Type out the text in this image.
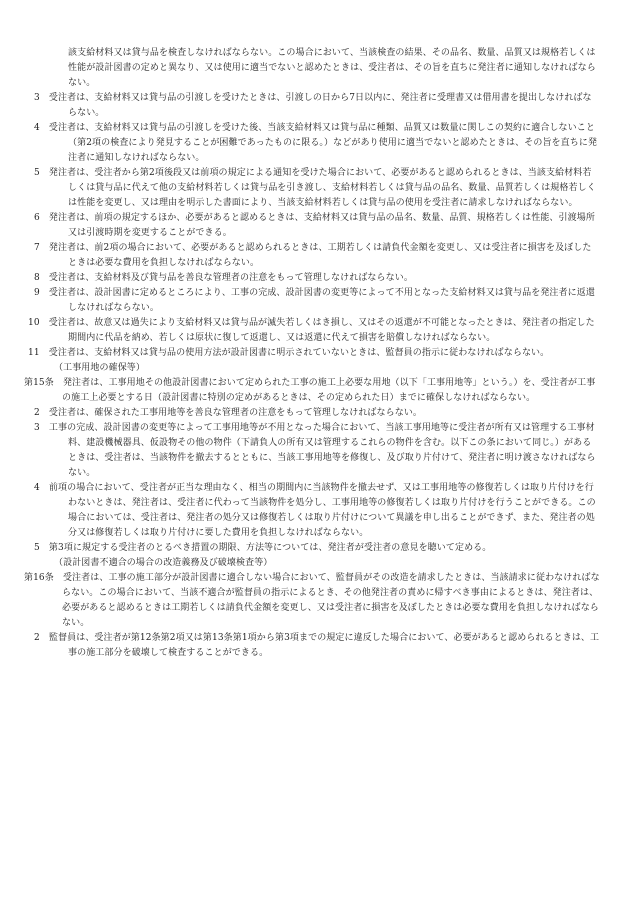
該支給材料又は貸与品を検査しなければならない。この場合において、当該検査の結果、その品名、数量、品質又は規格若しくは性能が設計図書の定めと異なり、又は使用に適当でないと認めたときは、受注者は、その旨を直ちに発注者に通知しなければならない。

3　受注者は、支給材料又は貸与品の引渡しを受けたときは、引渡しの日から7日以内に、発注者に受理書又は借用書を提出しなければならない。

4　受注者は、支給材料又は貸与品の引渡しを受けた後、当該支給材料又は貸与品に種類、品質又は数量に関しこの契約に適合しないこと（第2項の検査により発見することが困難であったものに限る。）などがあり使用に適当でないと認めたときは、その旨を直ちに発注者に通知しなければならない。

5　発注者は、受注者から第2項後段又は前項の規定による通知を受けた場合において、必要があると認められるときは、当該支給材料若しくは貸与品に代えて他の支給材料若しくは貸与品を引き渡し、支給材料若しくは貸与品の品名、数量、品質若しくは規格若しくは性能を変更し、又は理由を明示した書面により、当該支給材料若しくは貸与品の使用を受注者に請求しなければならない。

6　発注者は、前項の規定するほか、必要があると認めるときは、支給材料又は貸与品の品名、数量、品質、規格若しくは性能、引渡場所又は引渡時期を変更することができる。

7　発注者は、前2項の場合において、必要があると認められるときは、工期若しくは請負代金額を変更し、又は受注者に損害を及ぼしたときは必要な費用を負担しなければならない。

8　受注者は、支給材料及び貸与品を善良な管理者の注意をもって管理しなければならない。

9　受注者は、設計図書に定めるところにより、工事の完成、設計図書の変更等によって不用となった支給材料又は貸与品を発注者に返還しなければならない。

10　受注者は、故意又は過失により支給材料又は貸与品が滅失若しくはき損し、又はその返還が不可能となったときは、発注者の指定した期間内に代品を納め、若しくは原状に復して返還し、又は返還に代えて損害を賠償しなければならない。

11　受注者は、支給材料又は貸与品の使用方法が設計図書に明示されていないときは、監督員の指示に従わなければならない。

（工事用地の確保等）

第15条　発注者は、工事用地その他設計図書において定められた工事の施工上必要な用地（以下「工事用地等」という。）を、受注者が工事の施工上必要とする日（設計図書に特別の定めがあるときは、その定められた日）までに確保しなければならない。

2　受注者は、確保された工事用地等を善良な管理者の注意をもって管理しなければならない。

3　工事の完成、設計図書の変更等によって工事用地等が不用となった場合において、当該工事用地等に受注者が所有又は管理する工事材料、建設機械器具、仮設物その他の物件（下請負人の所有又は管理するこれらの物件を含む。以下この条において同じ。）があるときは、受注者は、当該物件を撤去するとともに、当該工事用地等を修復し、及び取り片付けて、発注者に明け渡さなければならない。

4　前項の場合において、受注者が正当な理由なく、相当の期間内に当該物件を撤去せず、又は工事用地等の修復若しくは取り片付けを行わないときは、発注者は、受注者に代わって当該物件を処分し、工事用地等の修復若しくは取り片付けを行うことができる。この場合においては、受注者は、発注者の処分又は修復若しくは取り片付けについて異議を申し出ることができず、また、発注者の処分又は修復若しくは取り片付けに要した費用を負担しなければならない。

5　第3項に規定する受注者のとるべき措置の期限、方法等については、発注者が受注者の意見を聴いて定める。

（設計図書不適合の場合の改造義務及び破壊検査等）

第16条　受注者は、工事の施工部分が設計図書に適合しない場合において、監督員がその改造を請求したときは、当該請求に従わなければならない。この場合において、当該不適合が監督員の指示によるとき、その他発注者の責めに帰すべき事由によるときは、発注者は、必要があると認めるときは工期若しくは請負代金額を変更し、又は受注者に損害を及ぼしたときは必要な費用を負担しなければならない。

2　監督員は、受注者が第12条第2項又は第13条第1項から第3項までの規定に違反した場合において、必要があると認められるときは、工事の施工部分を破壊して検査することができる。
